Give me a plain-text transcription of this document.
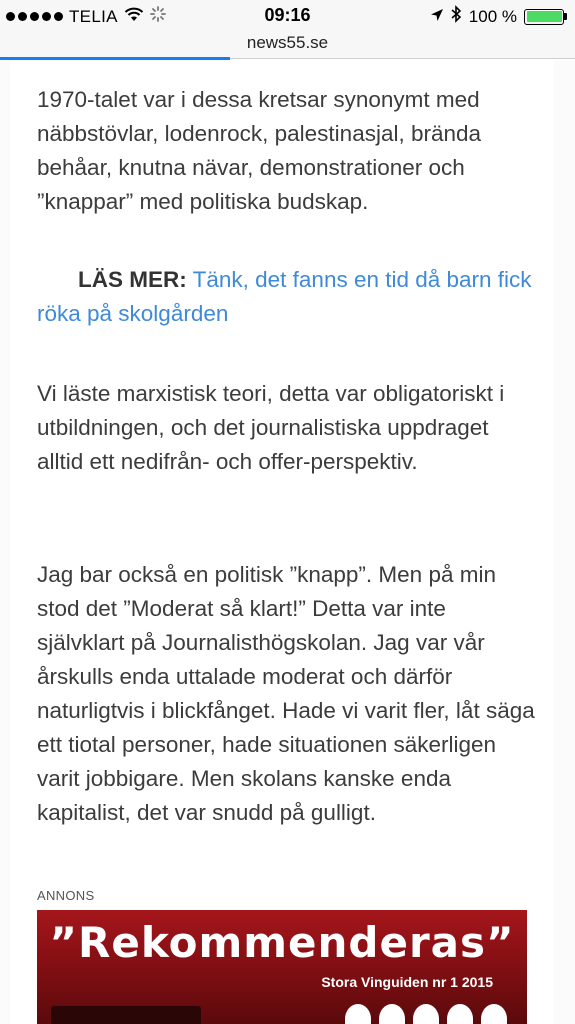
TELIA	09:16	100 %
news55.se

1970-talet var i dessa kretsar synonymt med näbbstövlar, lodenrock, palestinasjal, brända behåar, knutna nävar, demonstrationer och ”knappar” med politiska budskap.

LÄS MER: Tänk, det fanns en tid då barn fick röka på skolgården

Vi läste marxistisk teori, detta var obligatoriskt i utbildningen, och det journalistiska uppdraget alltid ett nedifrån- och offer-perspektiv.

Jag bar också en politisk ”knapp”. Men på min stod det ”Moderat så klart!” Detta var inte självklart på Journalisthögskolan. Jag var vår årskulls enda uttalade moderat och därför naturligtvis i blickfånget. Hade vi varit fler, låt säga ett tiotal personer, hade situationen säkerligen varit jobbigare. Men skolans kanske enda kapitalist, det var snudd på gulligt.

ANNONS
”Rekommenderas”
Stora Vinguiden nr 1 2015
